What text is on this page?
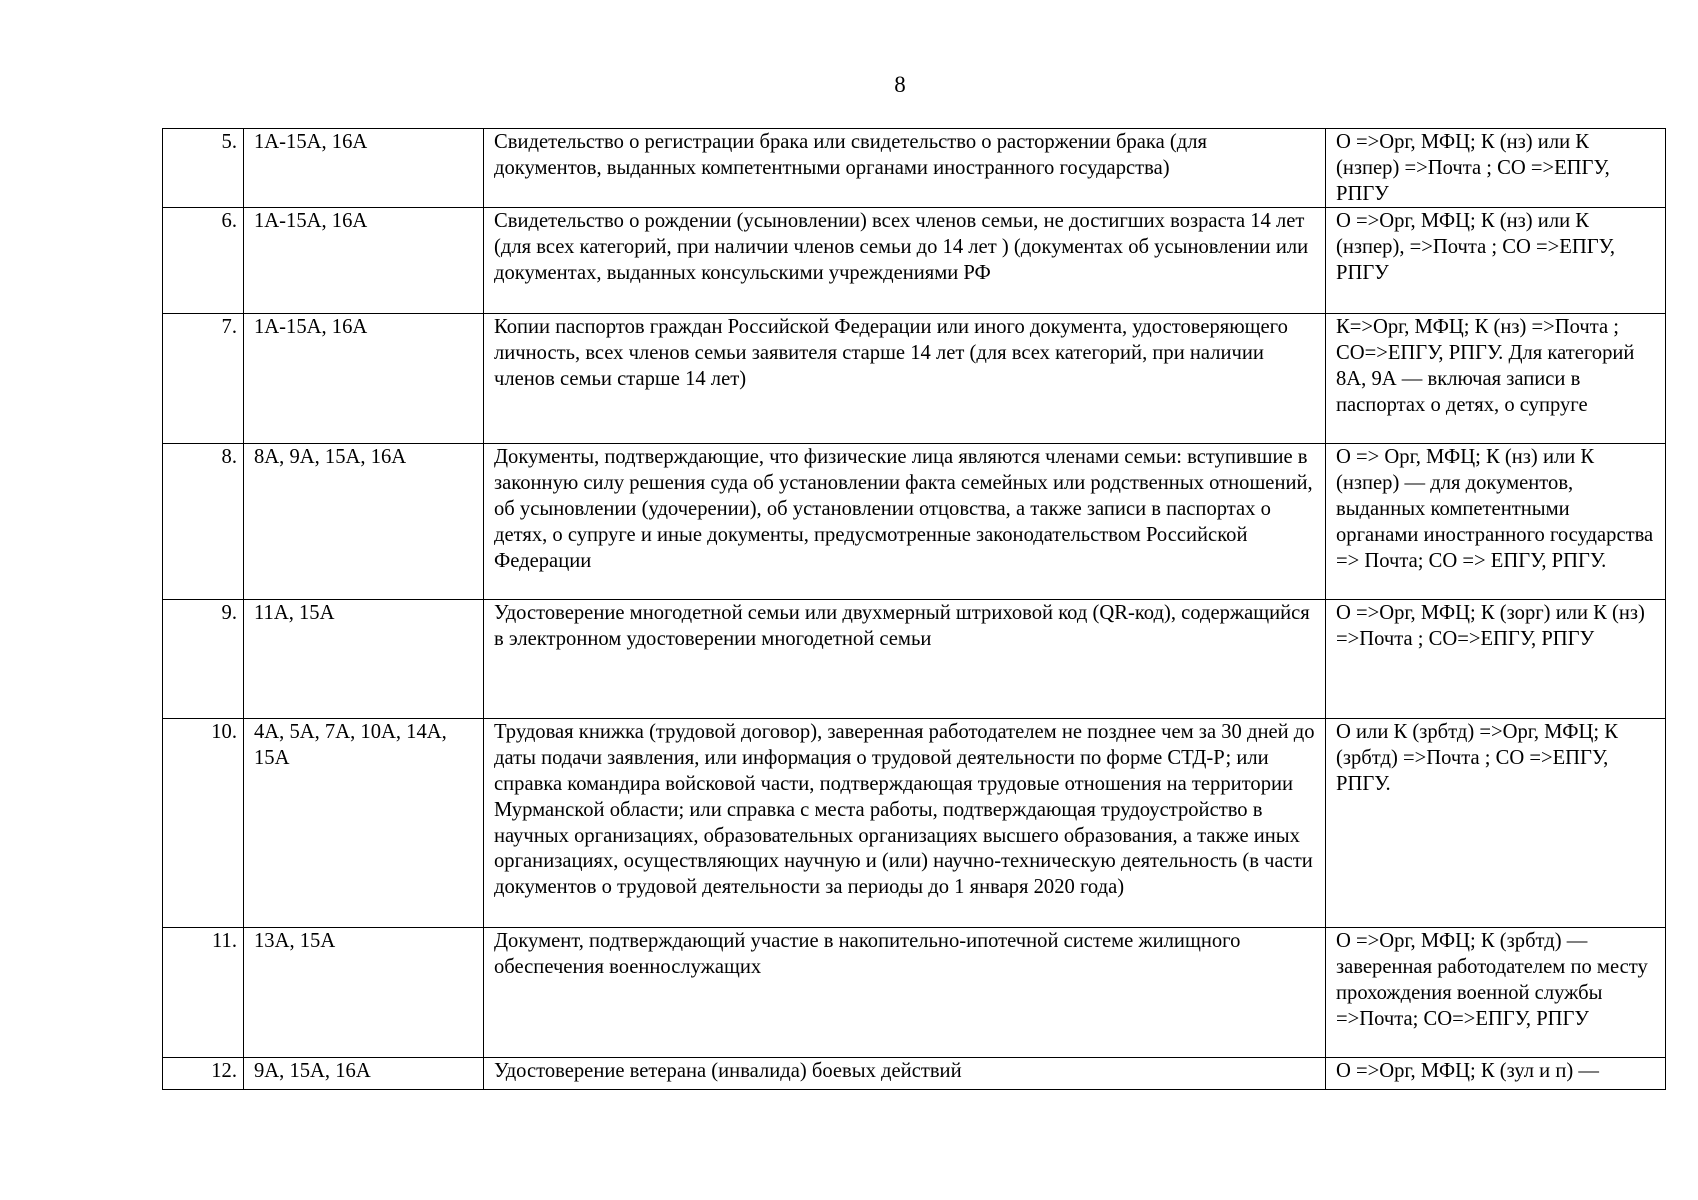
8
5.	1А-15А, 16А	Свидетельство о регистрации брака или свидетельство о расторжении брака (для документов, выданных компетентными органами иностранного государства)	О =>Орг, МФЦ; К (нз) или К (нзпер) =>Почта ; СО =>ЕПГУ, РПГУ
6.	1А-15А, 16А	Свидетельство о рождении (усыновлении) всех членов семьи, не достигших возраста 14 лет (для всех категорий, при наличии членов семьи до 14 лет ) (документах об усыновлении или документах, выданных консульскими учреждениями РФ	О =>Орг, МФЦ; К (нз) или К (нзпер), =>Почта ; СО =>ЕПГУ, РПГУ
7.	1А-15А, 16А	Копии паспортов граждан Российской Федерации или иного документа, удостоверяющего личность, всех членов семьи заявителя старше 14 лет (для всех категорий, при наличии членов семьи старше 14 лет)	К=>Орг, МФЦ; К (нз) =>Почта ; СО=>ЕПГУ, РПГУ. Для категорий 8А, 9А — включая записи в паспортах о детях, о супруге
8.	8А, 9А, 15А, 16А	Документы, подтверждающие, что физические лица являются членами семьи: вступившие в законную силу решения суда об установлении факта семейных или родственных отношений, об усыновлении (удочерении), об установлении отцовства, а также записи в паспортах о детях, о супруге и иные документы, предусмотренные законодательством Российской Федерации	О => Орг, МФЦ; К (нз) или К (нзпер) — для документов, выданных компетентными органами иностранного государства => Почта; СО => ЕПГУ, РПГУ.
9.	11А, 15А	Удостоверение многодетной семьи или двухмерный штриховой код (QR-код), содержащийся в электронном удостоверении многодетной семьи	О =>Орг, МФЦ; К (зорг) или К (нз) =>Почта ; СО=>ЕПГУ, РПГУ
10.	4А, 5А, 7А, 10А, 14А, 15А	Трудовая книжка (трудовой договор), заверенная работодателем не позднее чем за 30 дней до даты подачи заявления, или информация о трудовой деятельности по форме СТД-Р; или справка командира войсковой части, подтверждающая трудовые отношения на территории Мурманской области; или справка с места работы, подтверждающая трудоустройство в научных организациях, образовательных организациях высшего образования, а также иных организациях, осуществляющих научную и (или) научно-техническую деятельность (в части документов о трудовой деятельности за периоды до 1 января 2020 года)	О или К (зрбтд) =>Орг, МФЦ; К (зрбтд) =>Почта ; СО =>ЕПГУ, РПГУ.
11.	13А, 15А	Документ, подтверждающий участие в накопительно-ипотечной системе жилищного обеспечения военнослужащих	О =>Орг, МФЦ; К (зрбтд) — заверенная работодателем по месту прохождения военной службы =>Почта; СО=>ЕПГУ, РПГУ
12.	9А, 15А, 16А	Удостоверение ветерана (инвалида) боевых действий	О =>Орг, МФЦ; К (зул и п) —
